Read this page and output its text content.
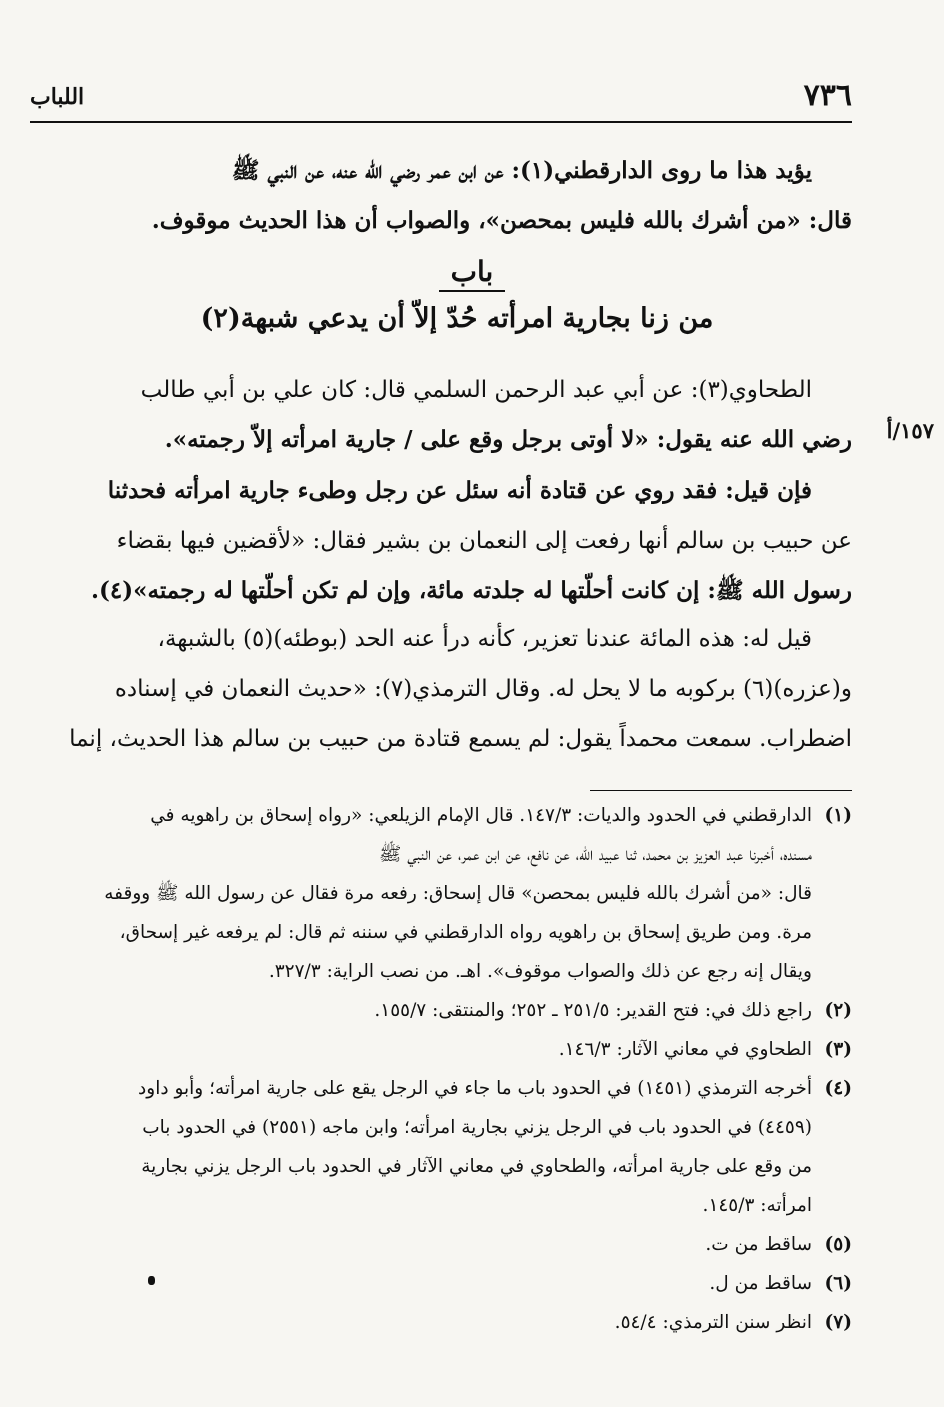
٧٣٦
اللباب
يؤيد هذا ما روى الدارقطني(١): عن ابن عمر رضي الله عنه، عن النبي ﷺ
قال: «من أشرك بالله فليس بمحصن»، والصواب أن هذا الحديث موقوف.
باب
من زنا بجارية امرأته حُدّ إلاّ أن يدعي شبهة(٢)
الطحاوي(٣): عن أبي عبد الرحمن السلمي قال: كان علي بن أبي طالب
رضي الله عنه يقول: «لا أوتى برجل وقع على / جارية امرأته إلاّ رجمته». ١٥٧/أ
فإن قيل: فقد روي عن قتادة أنه سئل عن رجل وطىء جارية امرأته فحدثنا
عن حبيب بن سالم أنها رفعت إلى النعمان بن بشير فقال: «لأقضين فيها بقضاء
رسول الله ﷺ: إن كانت أحلّتها له جلدته مائة، وإن لم تكن أحلّتها له رجمته»(٤).
قيل له: هذه المائة عندنا تعزير، كأنه درأ عنه الحد (بوطئه)(٥) بالشبهة،
و(عزره)(٦) بركوبه ما لا يحل له. وقال الترمذي(٧): «حديث النعمان في إسناده
اضطراب. سمعت محمداً يقول: لم يسمع قتادة من حبيب بن سالم هذا الحديث، إنما
(١)
الدارقطني في الحدود والديات: ١٤٧/٣. قال الإمام الزيلعي: «رواه إسحاق بن راهويه في
مسنده، أخبرنا عبد العزيز بن محمد، ثنا عبيد الله، عن نافع، عن ابن عمر، عن النبي ﷺ
قال: «من أشرك بالله فليس بمحصن» قال إسحاق: رفعه مرة فقال عن رسول الله ﷺ ووقفه
مرة. ومن طريق إسحاق بن راهويه رواه الدارقطني في سننه ثم قال: لم يرفعه غير إسحاق،
ويقال إنه رجع عن ذلك والصواب موقوف». اهـ. من نصب الراية: ٣٢٧/٣.
(٢)
راجع ذلك في: فتح القدير: ٢٥١/٥ ـ ٢٥٢؛ والمنتقى: ١٥٥/٧.
(٣)
الطحاوي في معاني الآثار: ١٤٦/٣.
(٤)
أخرجه الترمذي (١٤٥١) في الحدود باب ما جاء في الرجل يقع على جارية امرأته؛ وأبو داود
(٤٤٥٩) في الحدود باب في الرجل يزني بجارية امرأته؛ وابن ماجه (٢٥٥١) في الحدود باب
من وقع على جارية امرأته، والطحاوي في معاني الآثار في الحدود باب الرجل يزني بجارية
امرأته: ١٤٥/٣.
(٥)
ساقط من ت.
(٦)
ساقط من ل.
(٧)
انظر سنن الترمذي: ٥٤/٤.
